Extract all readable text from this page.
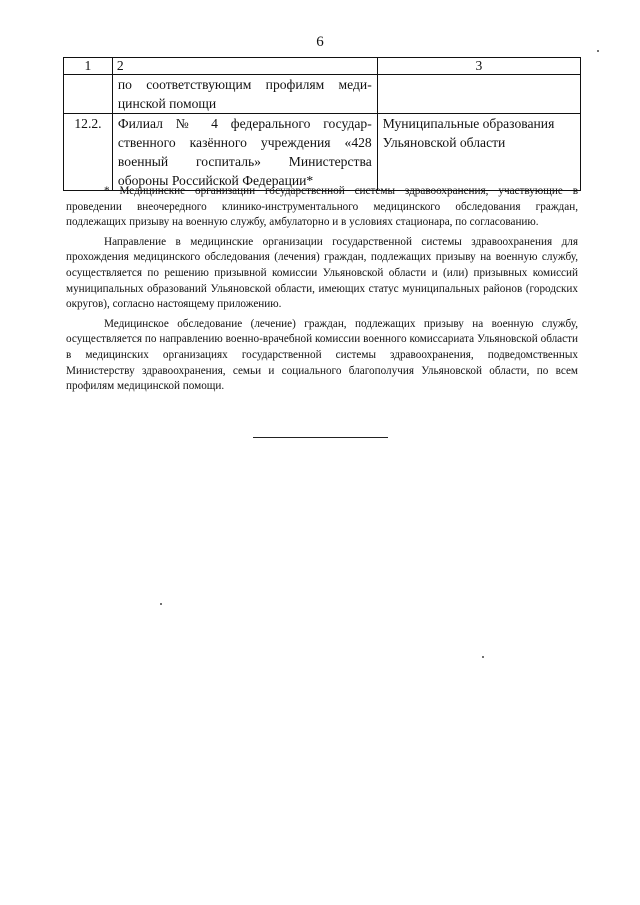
6
1	2	3

	по соответствующим профилям меди-
цинской помощи	

12.2.	Филиал № 4 федерального государ-
ственного казённого учреждения «428
военный госпиталь» Министерства
обороны Российской Федерации*	Муниципальные образования Ульяновской области

* Медицинские организации государственной системы здравоохранения, участвующие в проведении внеочередного клинико-инструментального медицинского обследования граждан, подлежащих призыву на военную службу, амбулаторно и в условиях стационара, по согласованию.

Направление в медицинские организации государственной системы здравоохранения для прохождения медицинского обследования (лечения) граждан, подлежащих призыву на военную службу, осуществляется по решению призывной комиссии Ульяновской области и (или) призывных комиссий муниципальных образований Ульяновской области, имеющих статус муниципальных районов (городских округов), согласно настоящему приложению.

Медицинское обследование (лечение) граждан, подлежащих призыву на военную службу, осуществляется по направлению военно-врачебной комиссии военного комиссариата Ульяновской области в медицинских организациях государственной системы здравоохранения, подведомственных Министерству здравоохранения, семьи и социального благополучия Ульяновской области, по всем профилям медицинской помощи.
